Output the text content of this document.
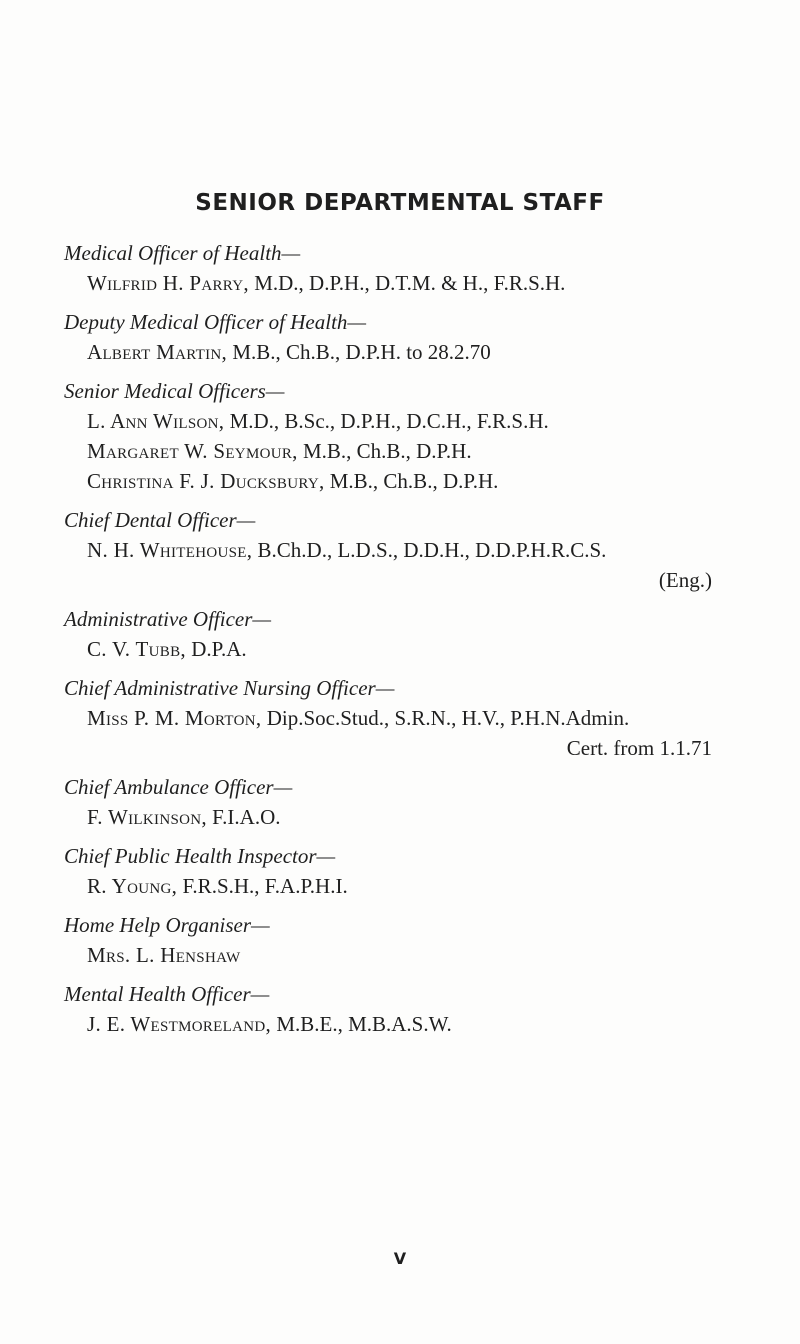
SENIOR DEPARTMENTAL STAFF
Medical Officer of Health—
Wilfrid H. Parry, M.D., D.P.H., D.T.M. & H., F.R.S.H.
Deputy Medical Officer of Health—
Albert Martin, M.B., Ch.B., D.P.H. to 28.2.70
Senior Medical Officers—
L. Ann Wilson, M.D., B.Sc., D.P.H., D.C.H., F.R.S.H.
Margaret W. Seymour, M.B., Ch.B., D.P.H.
Christina F. J. Ducksbury, M.B., Ch.B., D.P.H.
Chief Dental Officer—
N. H. Whitehouse, B.Ch.D., L.D.S., D.D.H., D.D.P.H.R.C.S.
(Eng.)
Administrative Officer—
C. V. Tubb, D.P.A.
Chief Administrative Nursing Officer—
Miss P. M. Morton, Dip.Soc.Stud., S.R.N., H.V., P.H.N.Admin.
Cert. from 1.1.71
Chief Ambulance Officer—
F. Wilkinson, F.I.A.O.
Chief Public Health Inspector—
R. Young, F.R.S.H., F.A.P.H.I.
Home Help Organiser—
Mrs. L. Henshaw
Mental Health Officer—
J. E. Westmoreland, M.B.E., M.B.A.S.W.
V
